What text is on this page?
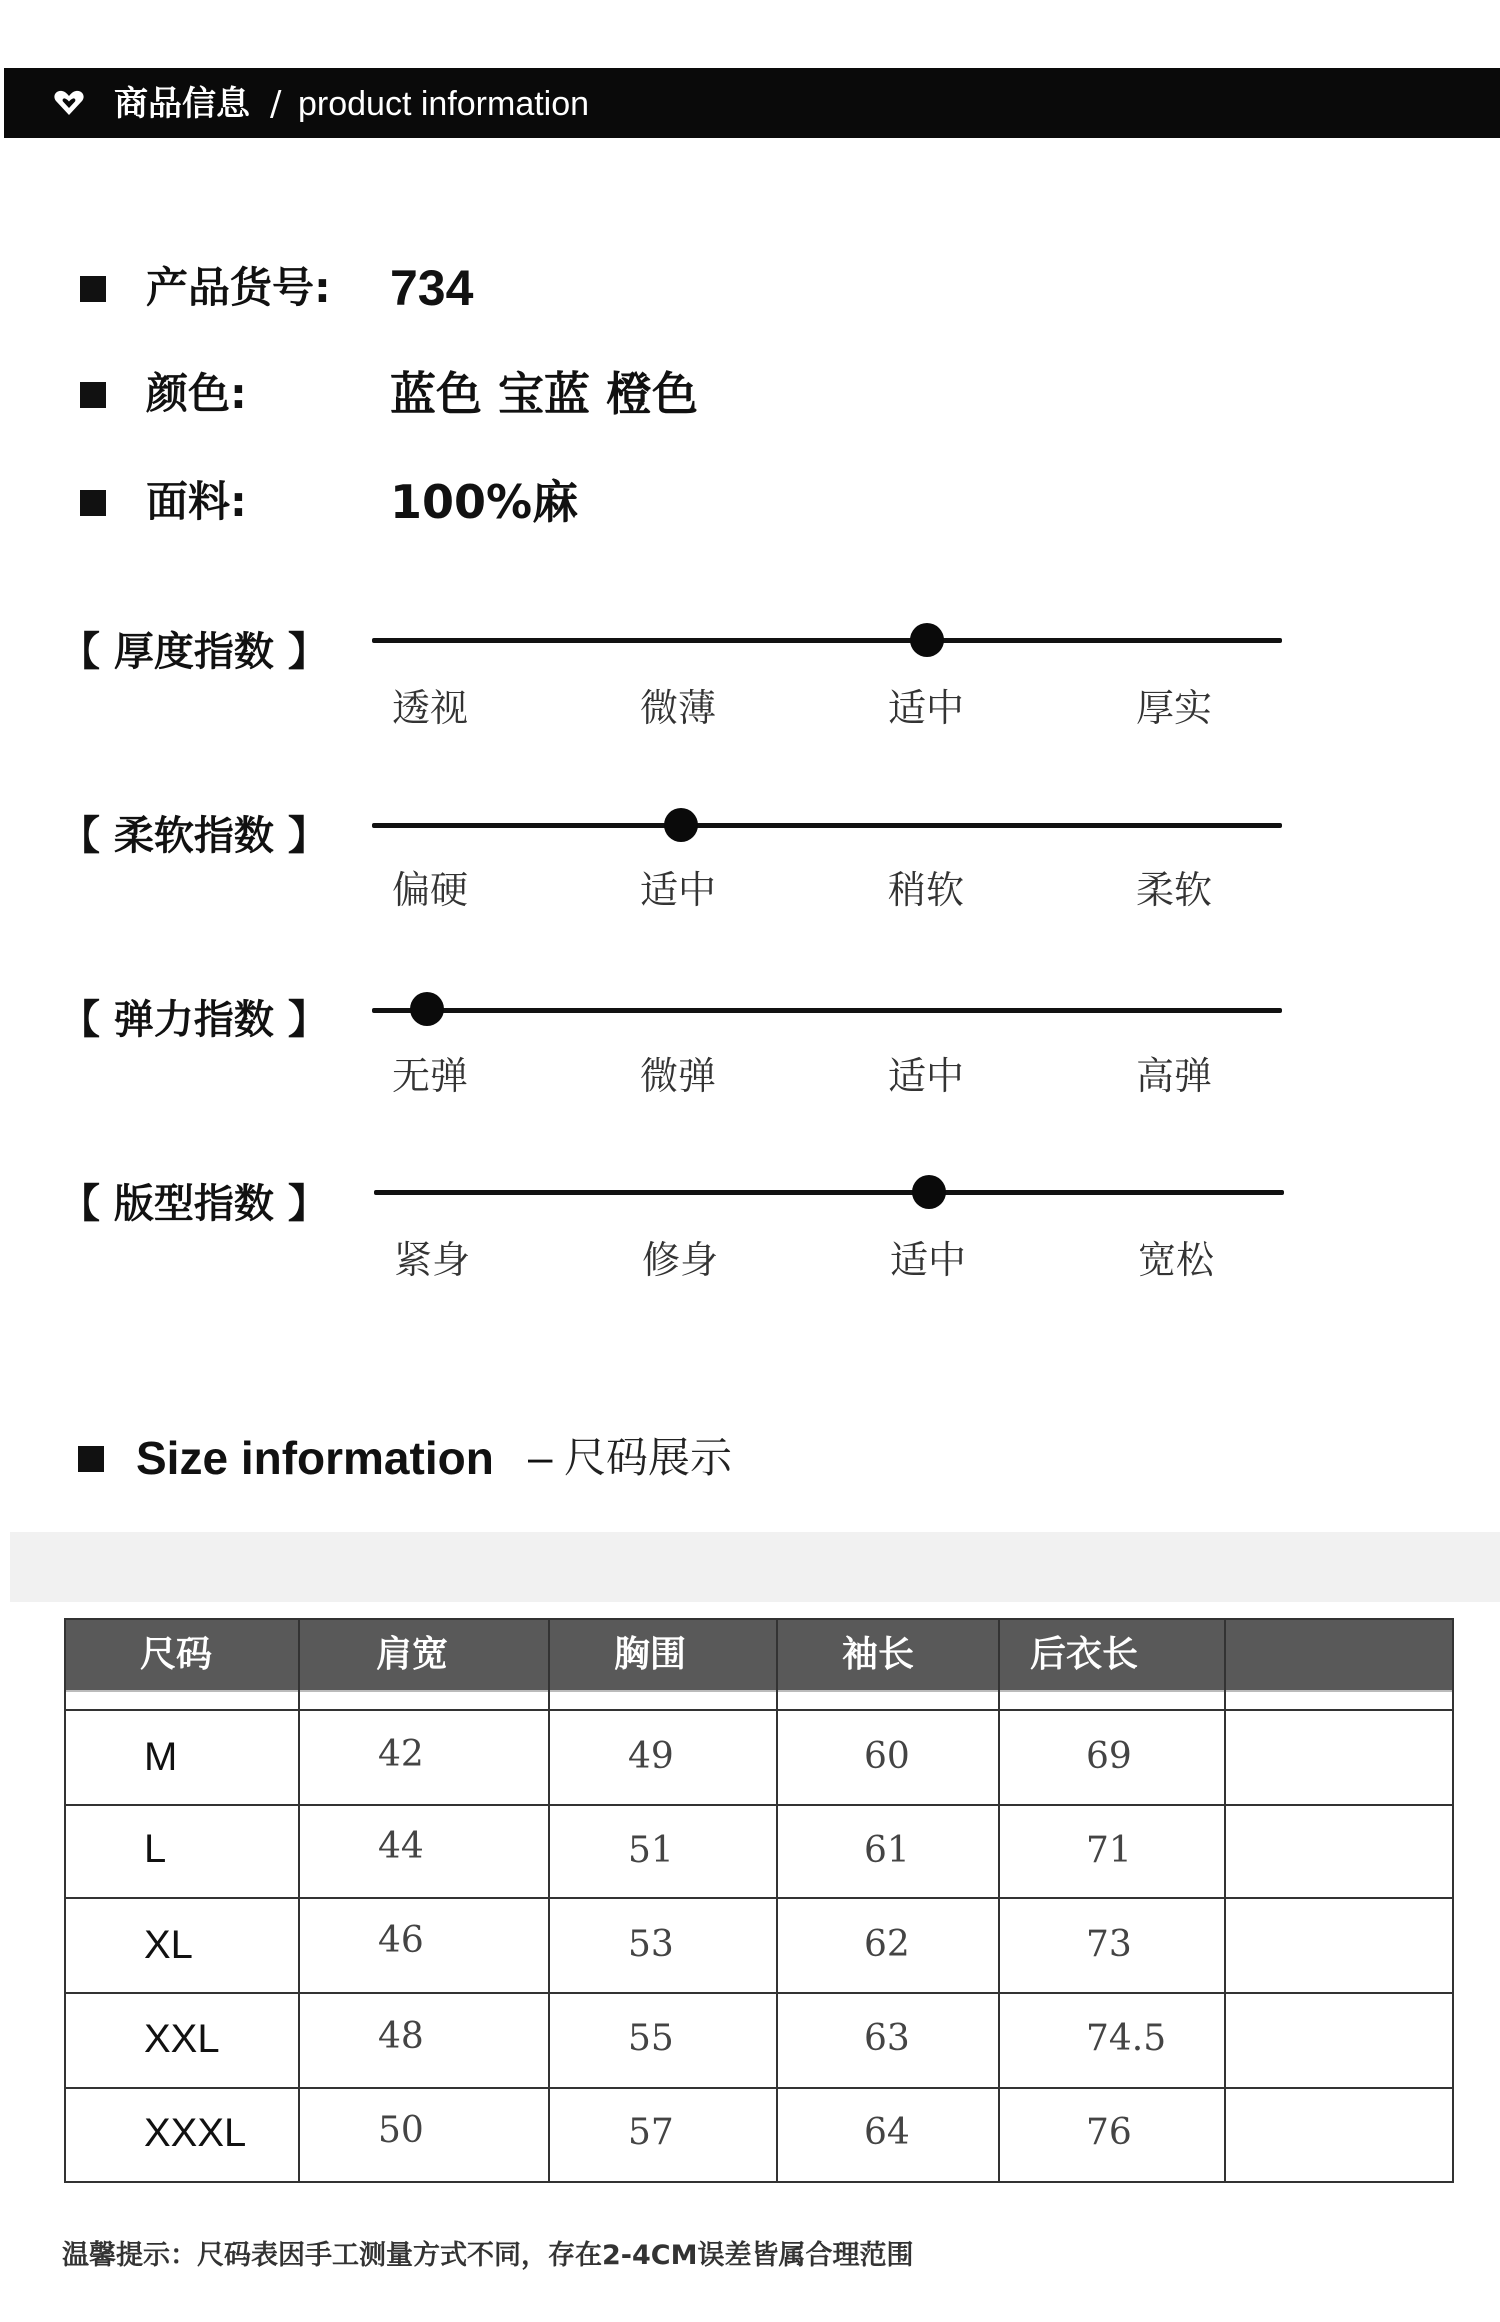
商品信息 / product information
产品货号: 734
颜色:	蓝色 宝蓝 橙色
面料:	100%麻
【 厚度指数 】
透视	微薄	适中	厚实
【 柔软指数 】
偏硬	适中	稍软	柔软
【 弹力指数 】
无弹	微弹	适中	高弹
【 版型指数 】
紧身	修身	适中	宽松
Size information – 尺码展示
尺码	肩宽	胸围	袖长	后衣长
M	42	49	60	69
L	44	51	61	71
XL	46	53	62	73
XXL	48	55	63	74.5
XXXL	50	57	64	76
温馨提示：尺码表因手工测量方式不同，存在2-4CM误差皆属合理范围
